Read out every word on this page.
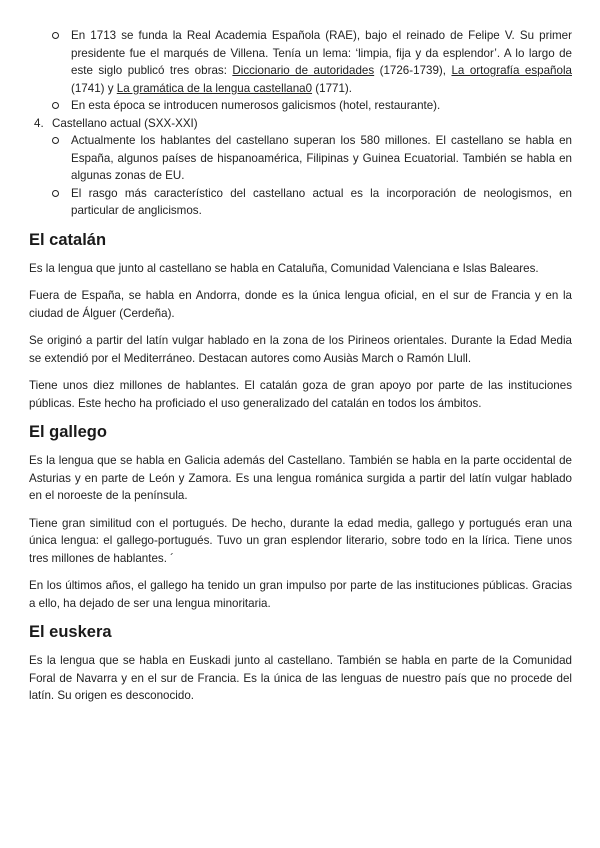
En 1713 se funda la Real Academia Española (RAE), bajo el reinado de Felipe V. Su primer presidente fue el marqués de Villena. Tenía un lema: ‘limpia, fija y da esplendor’. A lo largo de este siglo publicó tres obras: Diccionario de autoridades (1726-1739), La ortografía española (1741) y La gramática de la lengua castellana0 (1771).
En esta época se introducen numerosos galicismos (hotel, restaurante).
4. Castellano actual (SXX-XXI)
Actualmente los hablantes del castellano superan los 580 millones. El castellano se habla en España, algunos países de hispanoamérica, Filipinas y Guinea Ecuatorial. También se habla en algunas zonas de EU.
El rasgo más característico del castellano actual es la incorporación de neologismos, en particular de anglicismos.
El catalán

Es la lengua que junto al castellano se habla en Cataluña, Comunidad Valenciana e Islas Baleares.

Fuera de España, se habla en Andorra, donde es la única lengua oficial, en el sur de Francia y en la ciudad de Álguer (Cerdeña).

Se originó a partir del latín vulgar hablado en la zona de los Pirineos orientales. Durante la Edad Media se extendió por el Mediterráneo. Destacan autores como Ausiàs March o Ramón Llull.

Tiene unos diez millones de hablantes. El catalán goza de gran apoyo por parte de las instituciones públicas. Este hecho ha proficiado el uso generalizado del catalán en todos los ámbitos.

El gallego

Es la lengua que se habla en Galicia además del Castellano. También se habla en la parte occidental de Asturias y en parte de León y Zamora. Es una lengua románica surgida a partir del latín vulgar hablado en el noroeste de la península.

Tiene gran similitud con el portugués. De hecho, durante la edad media, gallego y portugués eran una única lengua: el gallego-portugués. Tuvo un gran esplendor literario, sobre todo en la lírica. Tiene unos tres millones de hablantes. ´

En los últimos años, el gallego ha tenido un gran impulso por parte de las instituciones públicas. Gracias a ello, ha dejado de ser una lengua minoritaria.

El euskera

Es la lengua que se habla en Euskadi junto al castellano. También se habla en parte de la Comunidad Foral de Navarra y en el sur de Francia. Es la única de las lenguas de nuestro país que no procede del latín. Su origen es desconocido.
